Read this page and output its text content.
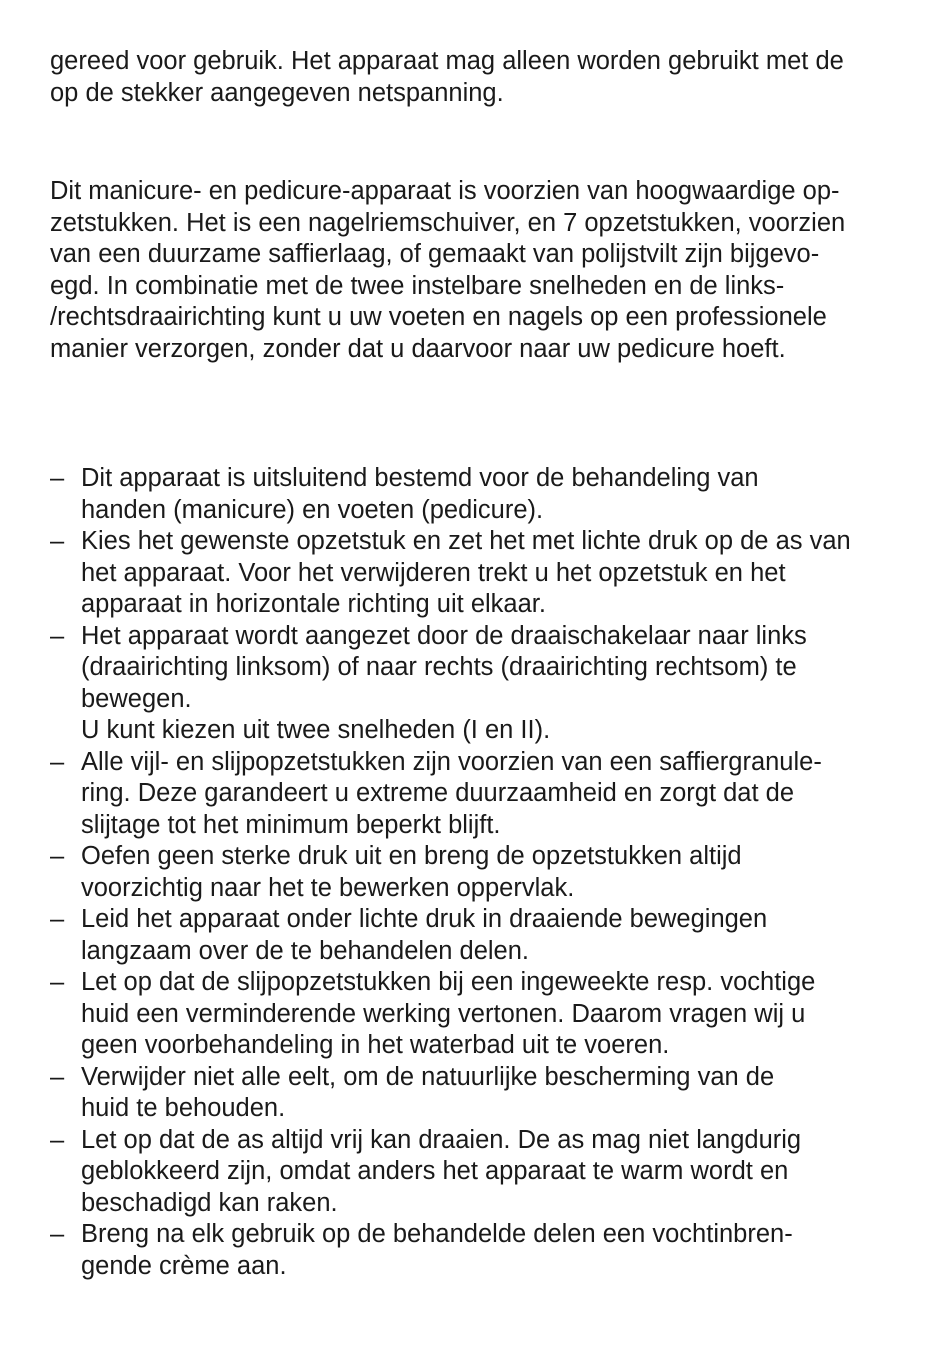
gereed voor gebruik. Het apparaat mag alleen worden gebruikt met de
op de stekker aangegeven netspanning.

Dit manicure- en pedicure-apparaat is voorzien van hoogwaardige op-
zetstukken. Het is een nagelriemschuiver, en 7 opzetstukken, voorzien
van een duurzame saffierlaag, of gemaakt van polijstvilt zijn bijgevo-
egd. In combinatie met de twee instelbare snelheden en de links-
/rechtsdraairichting kunt u uw voeten en nagels op een professionele
manier verzorgen, zonder dat u daarvoor naar uw pedicure hoeft.

– Dit apparaat is uitsluitend bestemd voor de behandeling van
handen (manicure) en voeten (pedicure).
– Kies het gewenste opzetstuk en zet het met lichte druk op de as van
het apparaat. Voor het verwijderen trekt u het opzetstuk en het
apparaat in horizontale richting uit elkaar.
– Het apparaat wordt aangezet door de draaischakelaar naar links
(draairichting linksom) of naar rechts (draairichting rechtsom) te
bewegen.
U kunt kiezen uit twee snelheden (I en II).
– Alle vijl- en slijpopzetstukken zijn voorzien van een saffiergranule-
ring. Deze garandeert u extreme duurzaamheid en zorgt dat de
slijtage tot het minimum beperkt blijft.
– Oefen geen sterke druk uit en breng de opzetstukken altijd
voorzichtig naar het te bewerken oppervlak.
– Leid het apparaat onder lichte druk in draaiende bewegingen
langzaam over de te behandelen delen.
– Let op dat de slijpopzetstukken bij een ingeweekte resp. vochtige
huid een verminderende werking vertonen. Daarom vragen wij u
geen voorbehandeling in het waterbad uit te voeren.
– Verwijder niet alle eelt, om de natuurlijke bescherming van de
huid te behouden.
– Let op dat de as altijd vrij kan draaien. De as mag niet langdurig
geblokkeerd zijn, omdat anders het apparaat te warm wordt en
beschadigd kan raken.
– Breng na elk gebruik op de behandelde delen een vochtinbren-
gende crème aan.
